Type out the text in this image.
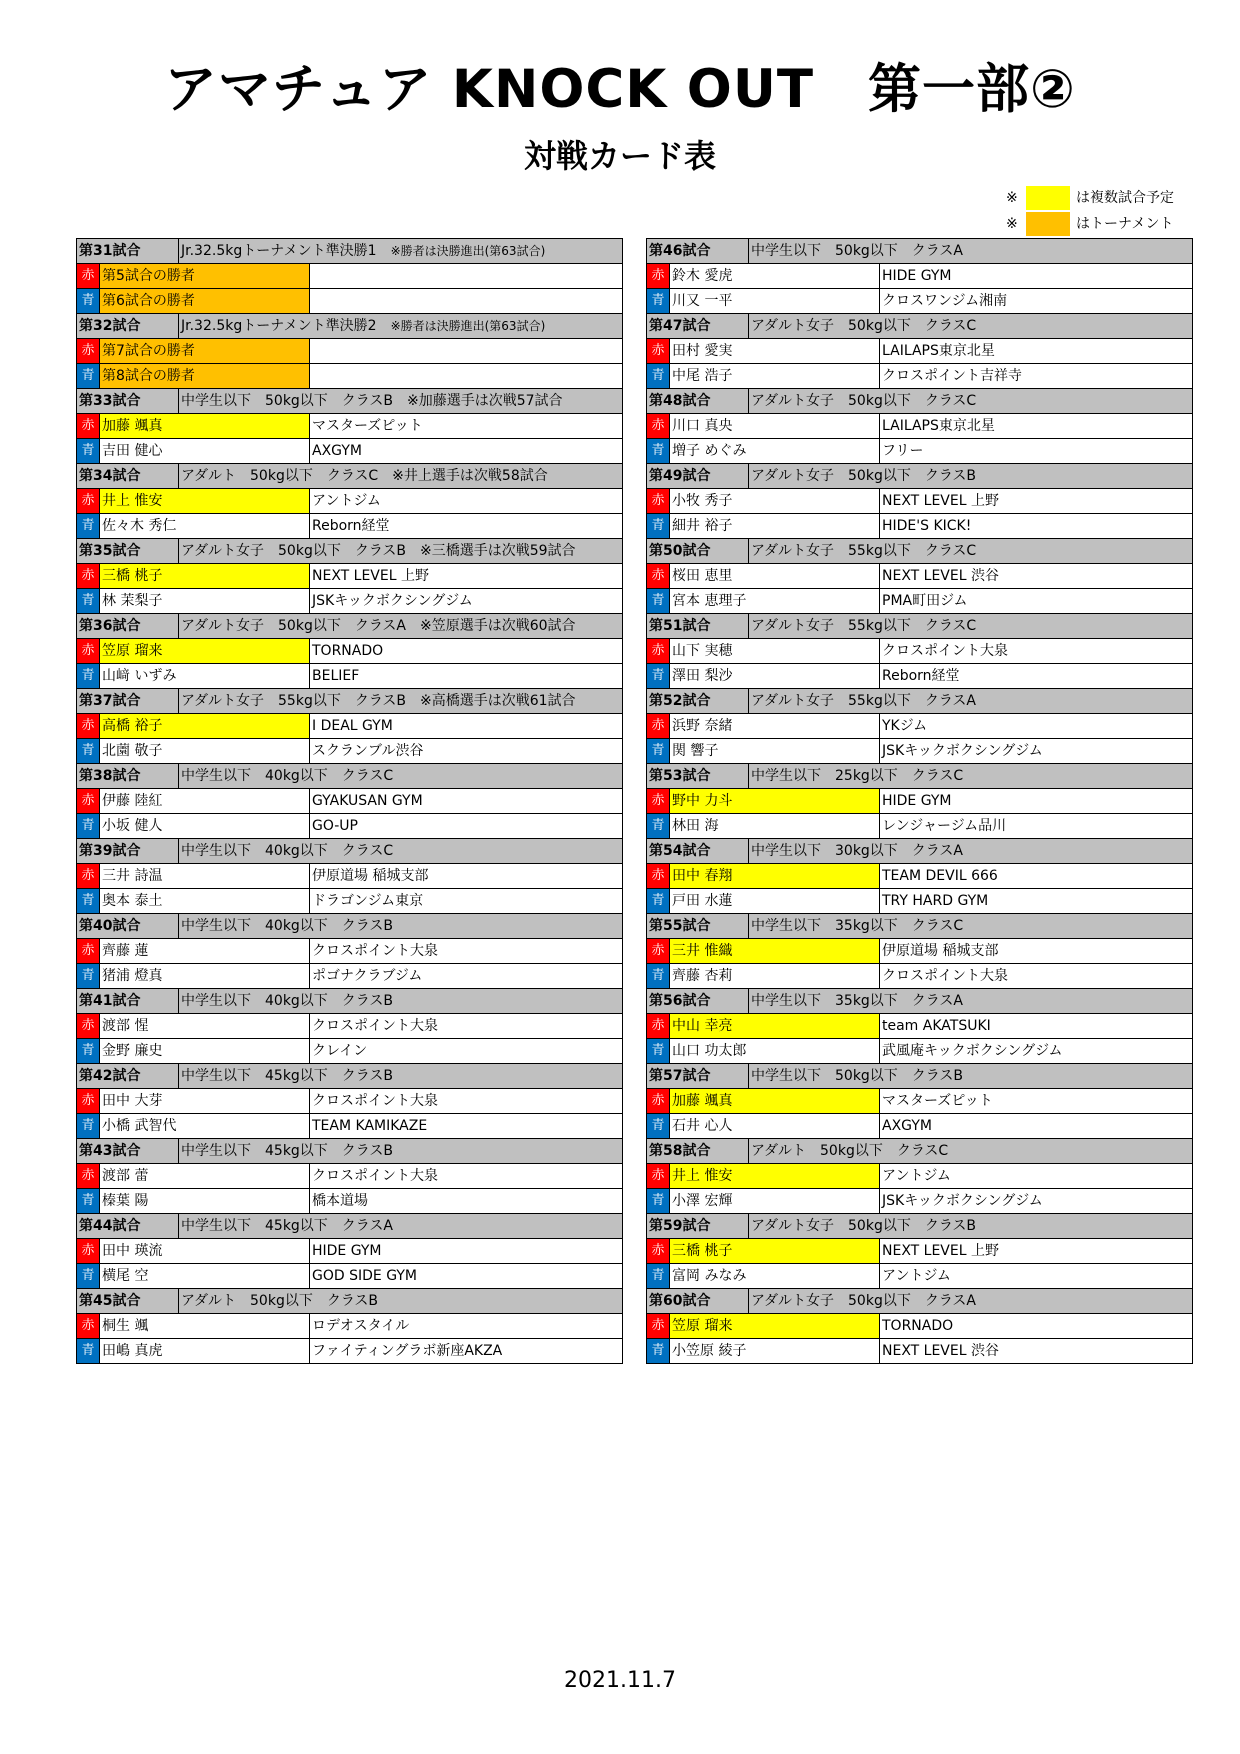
アマチュア KNOCK OUT　第一部②
対戦カード表
※	は複数試合予定
※	はトーナメント
第31試合	Jr.32.5kgトーナメント準決勝1　 ※勝者は決勝進出(第63試合)	

赤 第5試合の勝者		

青 第6試合の勝者		

第32試合	Jr.32.5kgトーナメント準決勝2　 ※勝者は決勝進出(第63試合)	

赤 第7試合の勝者		

青 第8試合の勝者		

第33試合	中学生以下　50kg以下　クラスB　※加藤選手は次戦57試合	

赤 加藤 颯真		マスターズピット

青 吉田 健心		AXGYM
第34試合	アダルト　50kg以下　クラスC　※井上選手は次戦58試合	

赤 井上 惟安		アントジム

青 佐々木 秀仁		Reborn経堂
第35試合	アダルト女子　50kg以下　クラスB　※三橋選手は次戦59試合	

赤 三橋 桃子		NEXT LEVEL 上野

青 林 茉梨子		JSKキックボクシングジム
第36試合	アダルト女子　50kg以下　クラスA　※笠原選手は次戦60試合	

赤 笠原 瑠来		TORNADO

青 山﨑 いずみ		BELIEF
第37試合	アダルト女子　55kg以下　クラスB　※高橋選手は次戦61試合	

赤 高橋 裕子		I DEAL GYM

青 北薗 敬子		スクランブル渋谷
第38試合	中学生以下　40kg以下　クラスC	

赤 伊藤 陸紅		GYAKUSAN GYM

青 小坂 健人		GO-UP
第39試合	中学生以下　40kg以下　クラスC	

赤 三井 詩温		伊原道場 稲城支部

青 奥本 泰土		ドラゴンジム東京
第40試合	中学生以下　40kg以下　クラスB	

赤 齊藤 蓮		クロスポイント大泉

青 猪浦 燈真		ポゴナクラブジム
第41試合	中学生以下　40kg以下　クラスB	

赤 渡部 惺		クロスポイント大泉

青 金野 廉史		クレイン
第42試合	中学生以下　45kg以下　クラスB	

赤 田中 大芽		クロスポイント大泉

青 小橋 武智代		TEAM KAMIKAZE
第43試合	中学生以下　45kg以下　クラスB	

赤 渡部 蕾		クロスポイント大泉

青 榛葉 陽		橋本道場
第44試合	中学生以下　45kg以下　クラスA	

赤 田中 瑛流		HIDE GYM

青 横尾 空		GOD SIDE GYM
第45試合	アダルト　50kg以下　クラスB	

赤 桐生 颯		ロデオスタイル

青 田嶋 真虎		ファイティングラボ新座AKZA
第46試合	中学生以下　50kg以下　クラスA	

赤 鈴木 愛虎		HIDE GYM

青 川又 一平		クロスワンジム湘南
第47試合	アダルト女子　50kg以下　クラスC	

赤 田村 愛実		LAILAPS東京北星

青 中尾 浩子		クロスポイント吉祥寺
第48試合	アダルト女子　50kg以下　クラスC	

赤 川口 真央		LAILAPS東京北星

青 増子 めぐみ		フリー
第49試合	アダルト女子　50kg以下　クラスB	

赤 小牧 秀子		NEXT LEVEL 上野

青 細井 裕子		HIDE'S KICK!
第50試合	アダルト女子　55kg以下　クラスC	

赤 桜田 恵里		NEXT LEVEL 渋谷

青 宮本 恵理子		PMA町田ジム
第51試合	アダルト女子　55kg以下　クラスC	

赤 山下 実穂		クロスポイント大泉

青 澤田 梨沙		Reborn経堂
第52試合	アダルト女子　55kg以下　クラスA	

赤 浜野 奈緒		YKジム

青 関 響子		JSKキックボクシングジム
第53試合	中学生以下　25kg以下　クラスC	

赤 野中 力斗		HIDE GYM

青 林田 海		レンジャージム品川
第54試合	中学生以下　30kg以下　クラスA	

赤 田中 春翔		TEAM DEVIL 666

青 戸田 水蓮		TRY HARD GYM
第55試合	中学生以下　35kg以下　クラスC	

赤 三井 惟織		伊原道場 稲城支部

青 齊藤 杏莉		クロスポイント大泉
第56試合	中学生以下　35kg以下　クラスA	

赤 中山 幸亮		team AKATSUKI

青 山口 功太郎		武風庵キックボクシングジム
第57試合	中学生以下　50kg以下　クラスB	

赤 加藤 颯真		マスターズピット

青 石井 心人		AXGYM
第58試合	アダルト　50kg以下　クラスC	

赤 井上 惟安		アントジム

青 小澤 宏輝		JSKキックボクシングジム
第59試合	アダルト女子　50kg以下　クラスB	

赤 三橋 桃子		NEXT LEVEL 上野

青 富岡 みなみ		アントジム
第60試合	アダルト女子　50kg以下　クラスA	

赤 笠原 瑠来		TORNADO

青 小笠原 綾子		NEXT LEVEL 渋谷
2021.11.7
